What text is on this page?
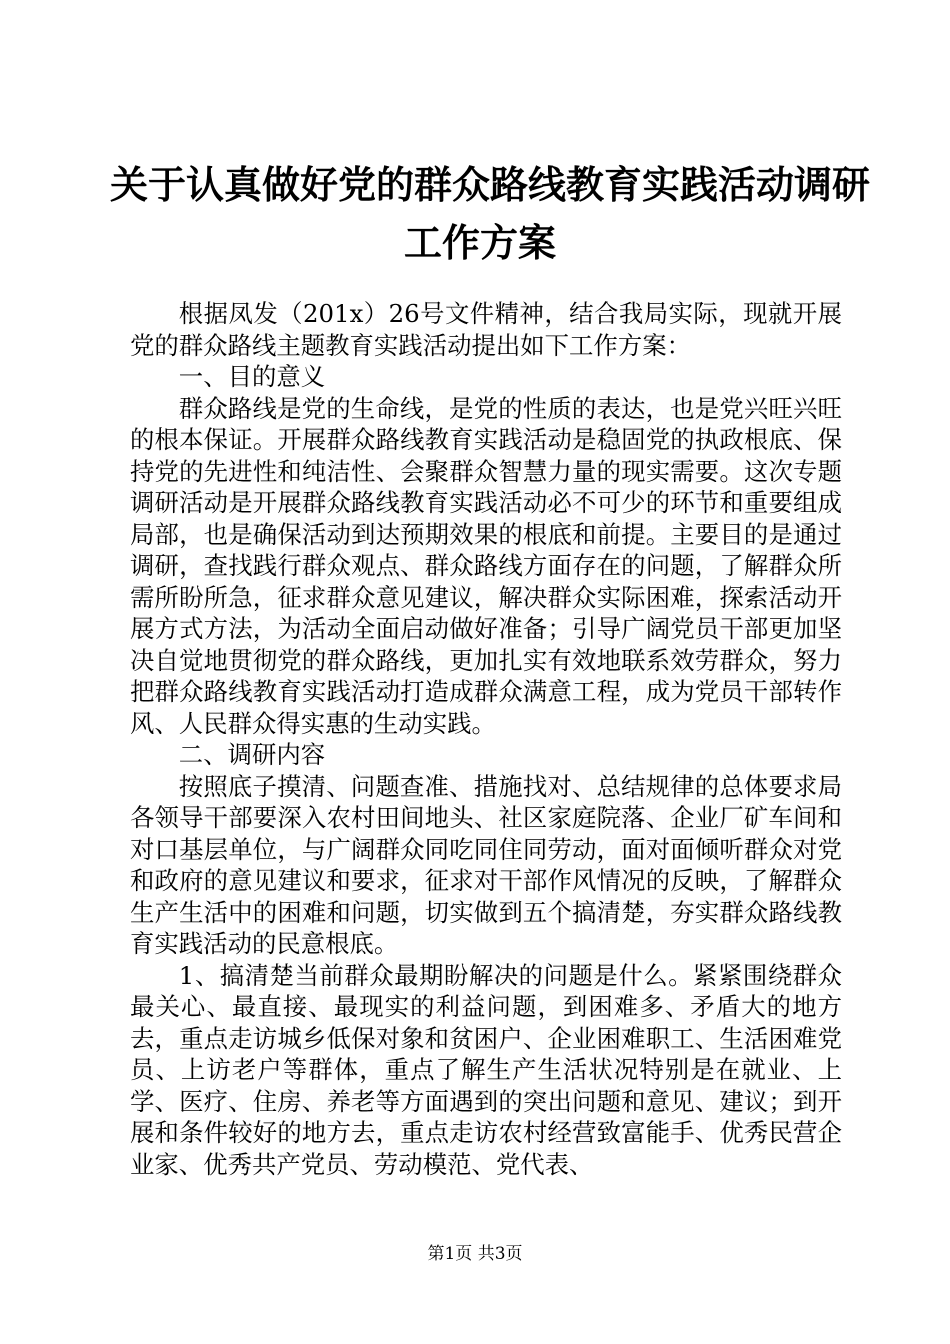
关于认真做好党的群众路线教育实践活动调研
工作方案

根据凤发（201x）26号文件精神，结合我局实际，现就开展党的群众路线主题教育实践活动提出如下工作方案：

一、目的意义

群众路线是党的生命线，是党的性质的表达，也是党兴旺兴旺的根本保证。开展群众路线教育实践活动是稳固党的执政根底、保持党的先进性和纯洁性、会聚群众智慧力量的现实需要。这次专题调研活动是开展群众路线教育实践活动必不可少的环节和重要组成局部，也是确保活动到达预期效果的根底和前提。主要目的是通过调研，查找践行群众观点、群众路线方面存在的问题，了解群众所需所盼所急，征求群众意见建议，解决群众实际困难，探索活动开展方式方法，为活动全面启动做好准备；引导广阔党员干部更加坚决自觉地贯彻党的群众路线，更加扎实有效地联系效劳群众，努力把群众路线教育实践活动打造成群众满意工程，成为党员干部转作风、人民群众得实惠的生动实践。

二、调研内容

按照底子摸清、问题查准、措施找对、总结规律的总体要求局各领导干部要深入农村田间地头、社区家庭院落、企业厂矿车间和对口基层单位，与广阔群众同吃同住同劳动，面对面倾听群众对党和政府的意见建议和要求，征求对干部作风情况的反映，了解群众生产生活中的困难和问题，切实做到五个搞清楚，夯实群众路线教育实践活动的民意根底。

1、搞清楚当前群众最期盼解决的问题是什么。紧紧围绕群众最关心、最直接、最现实的利益问题，到困难多、矛盾大的地方去，重点走访城乡低保对象和贫困户、企业困难职工、生活困难党员、上访老户等群体，重点了解生产生活状况特别是在就业、上学、医疗、住房、养老等方面遇到的突出问题和意见、建议；到开展和条件较好的地方去，重点走访农村经营致富能手、优秀民营企业家、优秀共产党员、劳动模范、党代表、

第1页 共3页
